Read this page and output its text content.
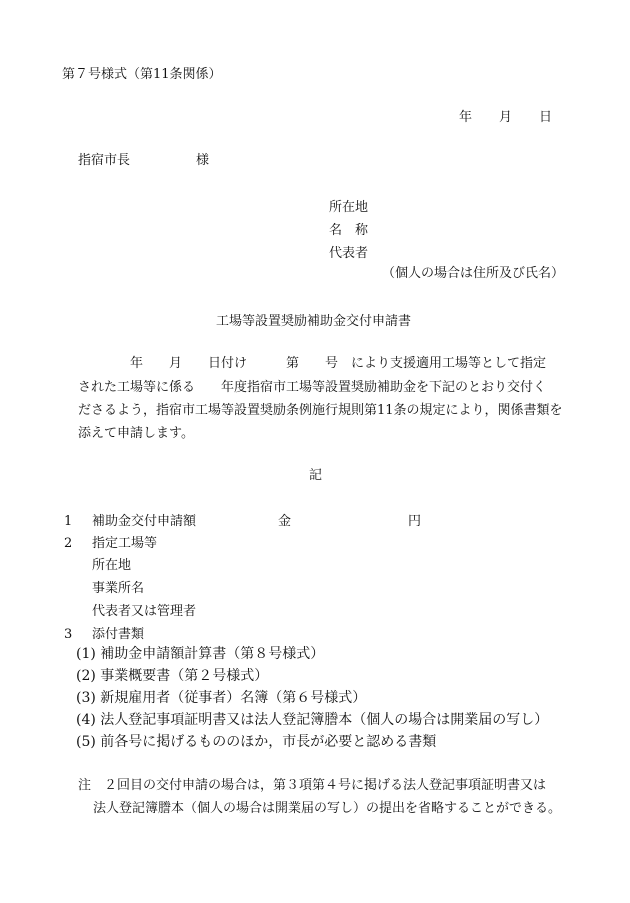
第７号様式（第11条関係）
年 月 日
指宿市長	様
所在地
名　称
代表者
（個人の場合は住所及び氏名）
工場等設置奨励補助金交付申請書
　　　　年　　月　　日付け　　　第　　号　により支援適用工場等として指定
された工場等に係る　　年度指宿市工場等設置奨励補助金を下記のとおり交付く
ださるよう，指宿市工場等設置奨励条例施行規則第11条の規定により，関係書類を
添えて申請します。
記
1 補助金交付申請額	金	円
2 指定工場等
所在地
事業所名
代表者又は管理者
3 添付書類
(1) 補助金申請額計算書（第８号様式）
(2) 事業概要書（第２号様式）
(3) 新規雇用者（従事者）名簿（第６号様式）
(4) 法人登記事項証明書又は法人登記簿謄本（個人の場合は開業届の写し）
(5) 前各号に掲げるもののほか，市長が必要と認める書類
注　２回目の交付申請の場合は，第３項第４号に掲げる法人登記事項証明書又は
法人登記簿謄本（個人の場合は開業届の写し）の提出を省略することができる。
